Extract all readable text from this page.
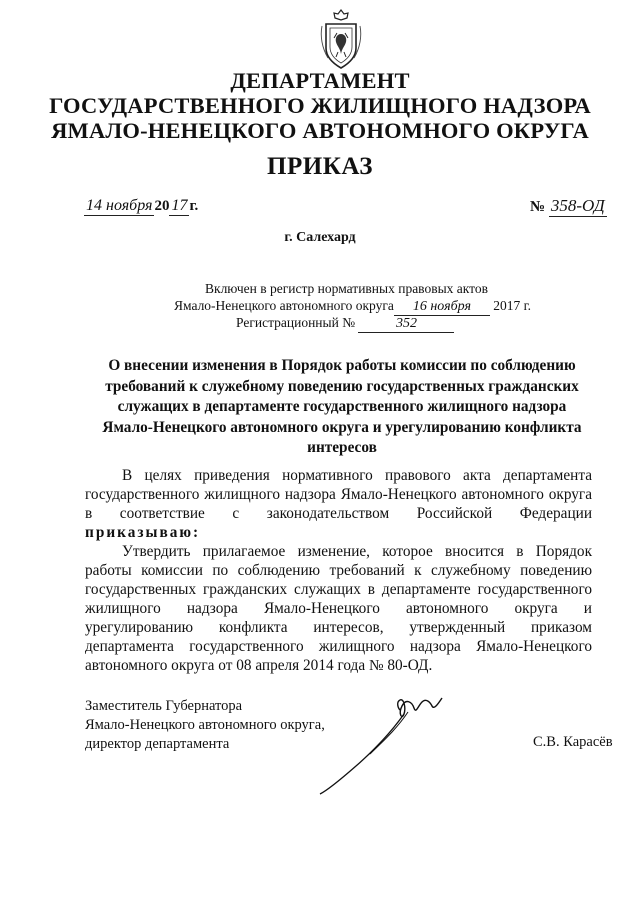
ДЕПАРТАМЕНТ
ГОСУДАРСТВЕННОГО ЖИЛИЩНОГО НАДЗОРА
ЯМАЛО-НЕНЕЦКОГО АВТОНОМНОГО ОКРУГА
ПРИКАЗ
14 ноября 20 17 г.	№ 358-ОД
г. Салехард
Включен в регистр нормативных правовых актов
Ямало-Ненецкого автономного округа 16 ноября 2017 г.
Регистрационный №	352
О внесении изменения в Порядок работы комиссии по соблюдению требований к служебному поведению государственных гражданских служащих в департаменте государственного жилищного надзора Ямало-Ненецкого автономного округа и урегулированию конфликта интересов
В целях приведения нормативного правового акта департамента государственного жилищного надзора Ямало-Ненецкого автономного округа в соответствие с законодательством Российской Федерации приказываю:
Утвердить прилагаемое изменение, которое вносится в Порядок работы комиссии по соблюдению требований к служебному поведению государственных гражданских служащих в департаменте государственного жилищного надзора Ямало-Ненецкого автономного округа и урегулированию конфликта интересов, утвержденный приказом департамента государственного жилищного надзора Ямало-Ненецкого автономного округа от 08 апреля 2014 года № 80-ОД.
Заместитель Губернатора
Ямало-Ненецкого автономного округа,
директор департамента	С.В. Карасёв
